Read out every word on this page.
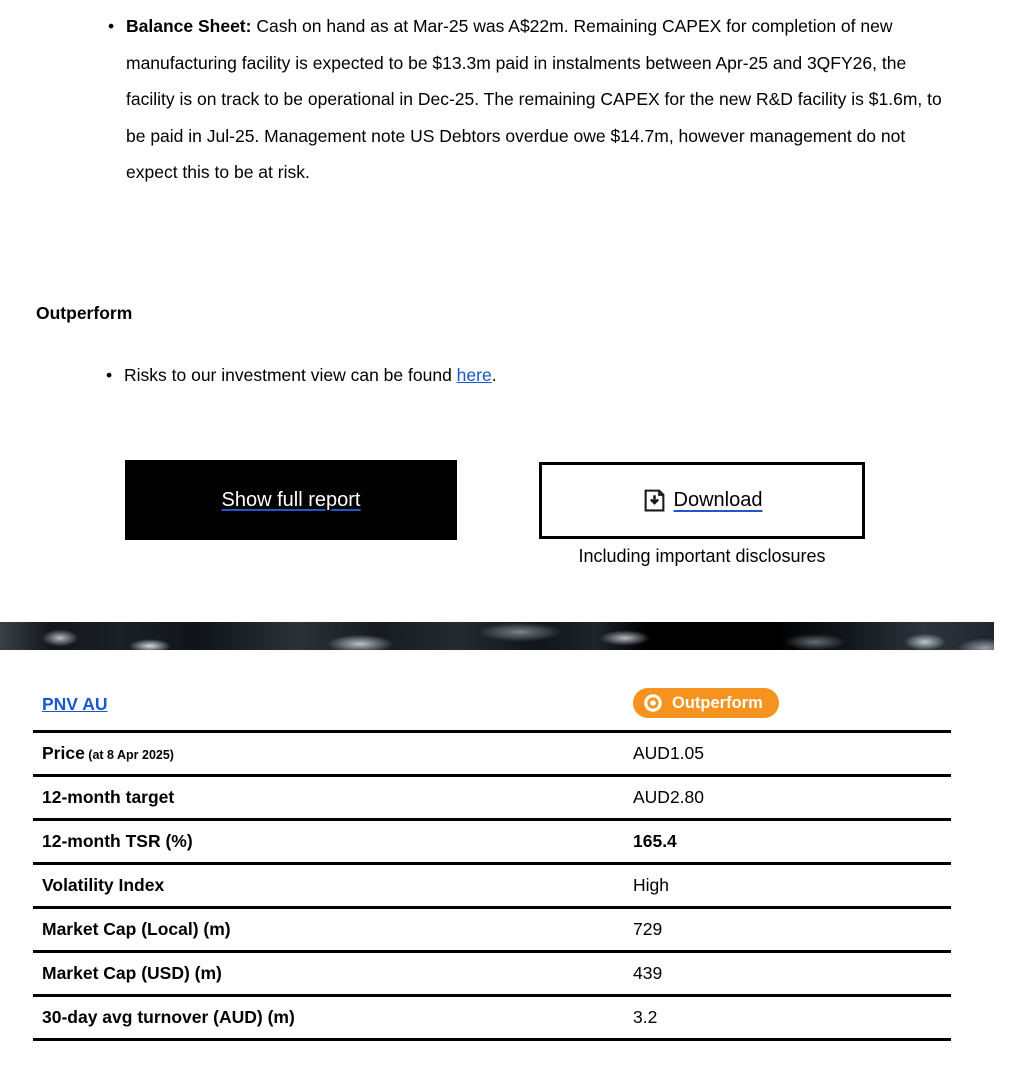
• Balance Sheet: Cash on hand as at Mar-25 was A$22m. Remaining CAPEX for completion of new manufacturing facility is expected to be $13.3m paid in instalments between Apr-25 and 3QFY26, the facility is on track to be operational in Dec-25. The remaining CAPEX for the new R&D facility is $1.6m, to be paid in Jul-25. Management note US Debtors overdue owe $14.7m, however management do not expect this to be at risk.
Outperform
• Risks to our investment view can be found here.
Show full report	Download
Including important disclosures
PNV AU	Outperform
Price (at 8 Apr 2025)	AUD1.05
12-month target	AUD2.80
12-month TSR (%)	165.4
Volatility Index	High
Market Cap (Local) (m)	729
Market Cap (USD) (m)	439
30-day avg turnover (AUD) (m)	3.2
